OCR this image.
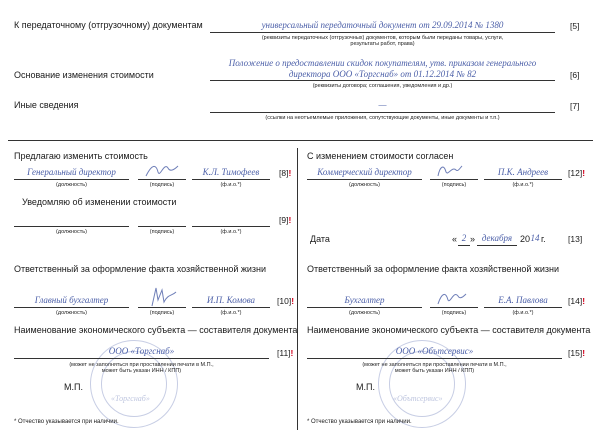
К передаточному (отгрузочному) документам	универсальный передаточный документ от 29.09.2014 № 1380	[5]
(реквизиты передаточных (отгрузочных) документов, которым были переданы товары, услуги,
результаты работ, права)
Основание изменения стоимости
Положение о предоставлении скидок покупателям, утв. приказом генерального
директора ООО «Торгснаб» от 01.12.2014 № 82	[6]
(реквизиты договора; соглашения, уведомления и др.)
Иные сведения	—	[7]
(ссылки на неотъемлемые приложения, сопутствующие документы, иные документы и т.п.)
Предлагаю изменить стоимость
Генеральный директор	К.Л. Тимофеев	[8]!
(должность)	(подпись)	(ф.и.о.*)
Уведомляю об изменении стоимости
[9]!
(должность)	(подпись)	(ф.и.о.*)
Ответственный за оформление факта хозяйственной жизни
Главный бухгалтер	И.П. Комова	[10]!
(должность)	(подпись)	(ф.и.о.*)
Наименование экономического субъекта — составителя документа
«Торгснаб»
ООО «Торгснаб»	[11]!
(может не заполняться при проставлении печати в М.П.,
может быть указан ИНН / КПП)
М.П.
* Отчество указывается при наличии.
С изменением стоимости согласен
Коммерческий директор	П.К. Андреев	[12]!
(должность)	(подпись)	(ф.и.о.*)
Дата	« 2 » декабря 20 14 г.	[13]
Ответственный за оформление факта хозяйственной жизни
Бухгалтер	Е.А. Павлова	[14]!
(должность)	(подпись)	(ф.и.о.*)
Наименование экономического субъекта — составителя документа
«Обътсервис»
ООО «Обътсервис»	[15]!
(может не заполняться при проставлении печати в М.П.,
может быть указан ИНН / КПП)
М.П.
* Отчество указывается при наличии.
